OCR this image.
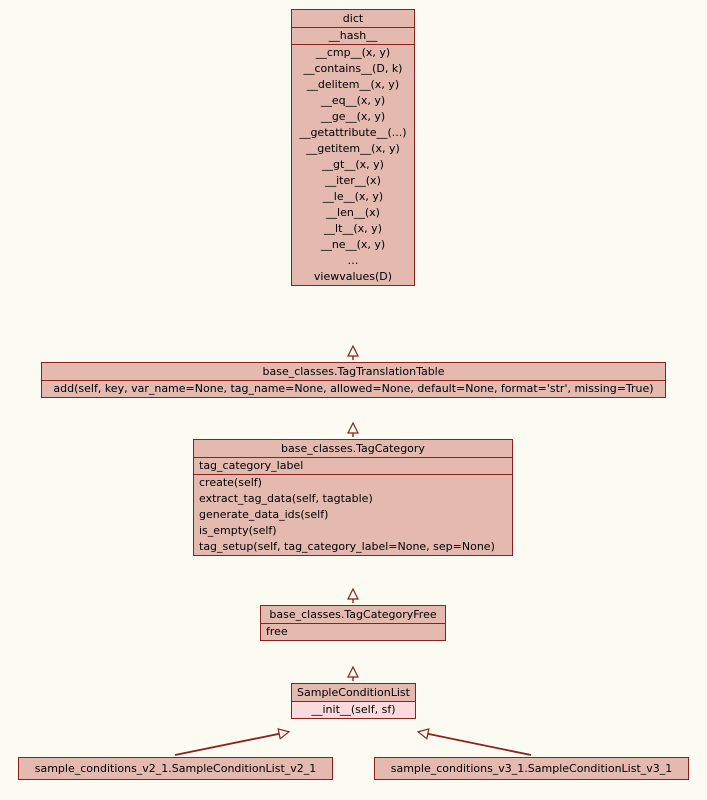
dict
__hash__
__cmp__(x, y)
__contains__(D, k)
__delitem__(x, y)
__eq__(x, y)
__ge__(x, y)
__getattribute__(...)
__getitem__(x, y)
__gt__(x, y)
__iter__(x)
__le__(x, y)
__len__(x)
__lt__(x, y)
__ne__(x, y)
…
viewvalues(D)
base_classes.TagTranslationTable
add(self, key, var_name=None, tag_name=None, allowed=None, default=None, format='str', missing=True)
base_classes.TagCategory
tag_category_label
create(self)
extract_tag_data(self, tagtable)
generate_data_ids(self)
is_empty(self)
tag_setup(self, tag_category_label=None, sep=None)
base_classes.TagCategoryFree
free
SampleConditionList
__init__(self, sf)
sample_conditions_v2_1.SampleConditionList_v2_1	sample_conditions_v3_1.SampleConditionList_v3_1
